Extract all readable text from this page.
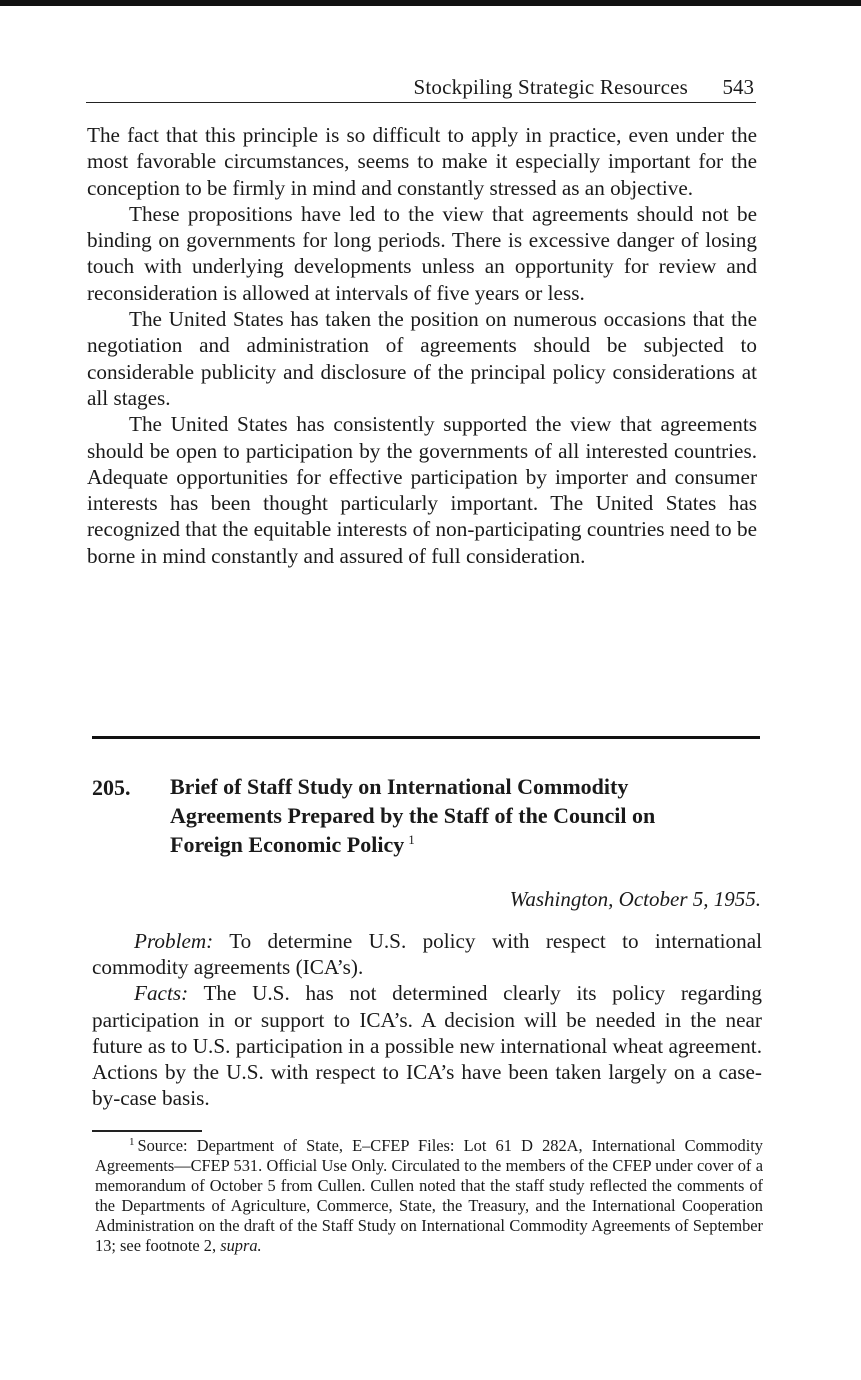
Stockpiling Strategic Resources 543

The fact that this principle is so difficult to apply in practice, even under the most favorable circumstances, seems to make it especially important for the conception to be firmly in mind and constantly stressed as an objective.

These propositions have led to the view that agreements should not be binding on governments for long periods. There is excessive danger of losing touch with underlying developments unless an opportunity for review and reconsideration is allowed at intervals of five years or less.

The United States has taken the position on numerous occasions that the negotiation and administration of agreements should be subjected to considerable publicity and disclosure of the principal policy considerations at all stages.

The United States has consistently supported the view that agreements should be open to participation by the governments of all interested countries. Adequate opportunities for effective participation by importer and consumer interests has been thought particularly important. The United States has recognized that the equitable interests of non-participating countries need to be borne in mind constantly and assured of full consideration.

205. Brief of Staff Study on International Commodity Agreements Prepared by the Staff of the Council on Foreign Economic Policy $^1$
Washington, October 5, 1955.

Problem: To determine U.S. policy with respect to international commodity agreements (ICA’s).

Facts: The U.S. has not determined clearly its policy regarding participation in or support to ICA’s. A decision will be needed in the near future as to U.S. participation in a possible new international wheat agreement. Actions by the U.S. with respect to ICA’s have been taken largely on a case-by-case basis.

$^1$ Source: Department of State, E–CFEP Files: Lot 61 D 282A, International Commodity Agreements—CFEP 531. Official Use Only. Circulated to the members of the CFEP under cover of a memorandum of October 5 from Cullen. Cullen noted that the staff study reflected the comments of the Departments of Agriculture, Commerce, State, the Treasury, and the International Cooperation Administration on the draft of the Staff Study on International Commodity Agreements of September 13; see footnote 2, supra.
